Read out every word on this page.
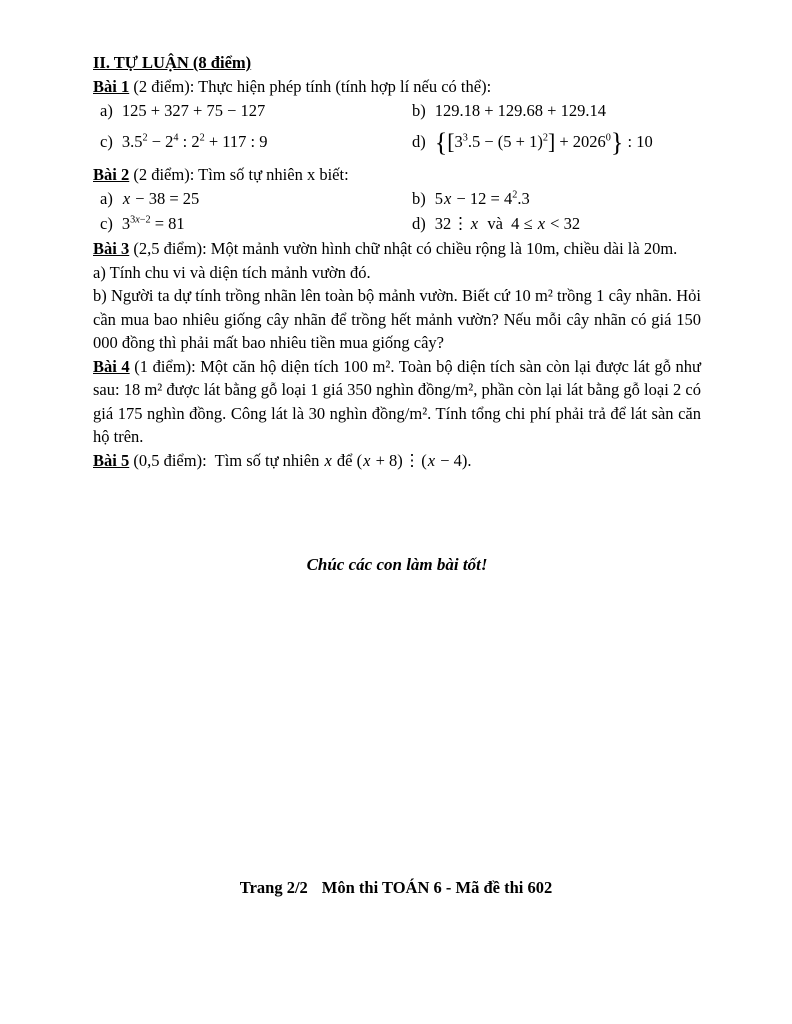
II. TỰ LUẬN (8 điểm)
Bài 1 (2 điểm): Thực hiện phép tính (tính hợp lí nếu có thể):
a) 125 + 327 + 75 − 127	b) 129.18 + 129.68 + 129.14
c) $3.5^2 - 2^4$ : $2^2 + 117$ : 9	d) $\{[3^3.5 - (5 + 1)^2] + 2026^0\}$ : 10
Bài 2 (2 điểm): Tìm số tự nhiên x biết:
a) x − 38 = 25	b) $5x - 12 = 4^2.3$
c) $3^{3x-2} = 81$	d) 32⋮ x  và  4 ≤ x < 32

Bài 3 (2,5 điểm): Một mảnh vườn hình chữ nhật có chiều rộng là 10m, chiều dài là 20m.

a) Tính chu vi và diện tích mảnh vườn đó.

b) Người ta dự tính trồng nhãn lên toàn bộ mảnh vườn. Biết cứ 10 m² trồng 1 cây nhãn. Hỏi cần mua bao nhiêu giống cây nhãn để trồng hết mảnh vườn? Nếu mỗi cây nhãn có giá 150 000 đồng thì phải mất bao nhiêu tiền mua giống cây?

Bài 4 (1 điểm): Một căn hộ diện tích 100 m². Toàn bộ diện tích sàn còn lại được lát gỗ như sau: 18 m² được lát bằng gỗ loại 1 giá 350 nghìn đồng/m², phần còn lại lát bằng gỗ loại 2 có giá 175 nghìn đồng. Công lát là 30 nghìn đồng/m². Tính tổng chi phí phải trả để lát sàn căn hộ trên.

Bài 5 (0,5 điểm):  Tìm số tự nhiên x để (x + 8)⋮(x − 4).

Chúc các con làm bài tốt!

Trang 2/2 Môn thi TOÁN 6 - Mã đề thi 602
